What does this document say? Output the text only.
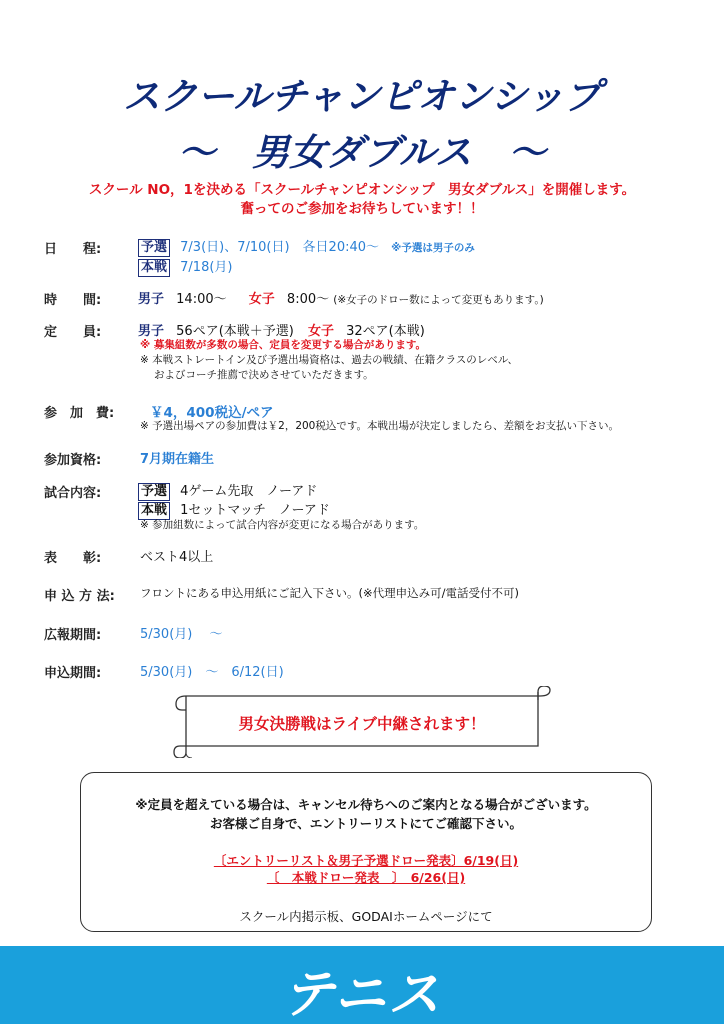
スクールチャンピオンシップ
～　男女ダブルス　～
スクール NO，1を決める「スクールチャンピオンシップ　男女ダブルス」を開催します。
奮ってのご参加をお待ちしています！！
日　　程:	予選 7/3(日)、7/10(日)　各日20:40～ ※予選は男子のみ
本戦 7/18(月)
時　　間:	男子 14:00～ 女子 8:00～ (※女子のドロー数によって変更もあります。)
定　　員:	男子 56ペア(本戦＋予選) 女子 32ペア(本戦)
※ 募集組数が多数の場合、定員を変更する場合があります。
※ 本戦ストレートイン及び予選出場資格は、過去の戦績、在籍クラスのレベル、
およびコーチ推薦で決めさせていただきます。
参　加　費:	￥4，400税込/ペア
※ 予選出場ペアの参加費は￥2，200税込です。本戦出場が決定しましたら、差額をお支払い下さい。
参加資格:	7月期在籍生
試合内容:	予選 4ゲーム先取　ノーアド
本戦 1セットマッチ　ノーアド
※ 参加組数によって試合内容が変更になる場合があります。
表　　彰:	ベスト4以上
申 込 方 法: フロントにある申込用紙にご記入下さい。(※代理申込み可/電話受付不可)
広報期間:	5/30(月)　 ～
申込期間:	5/30(月)　～　6/12(日)
男女決勝戦はライブ中継されます！
※定員を超えている場合は、キャンセル待ちへのご案内となる場合がございます。
お客様ご自身で、エントリーリストにてご確認下さい。
〔エントリーリスト＆男子予選ドロー発表〕6/19(日)
〔　本戦ドロー発表　〕　6/26(日)
スクール内掲示板、GODAIホームページにて
テニス
